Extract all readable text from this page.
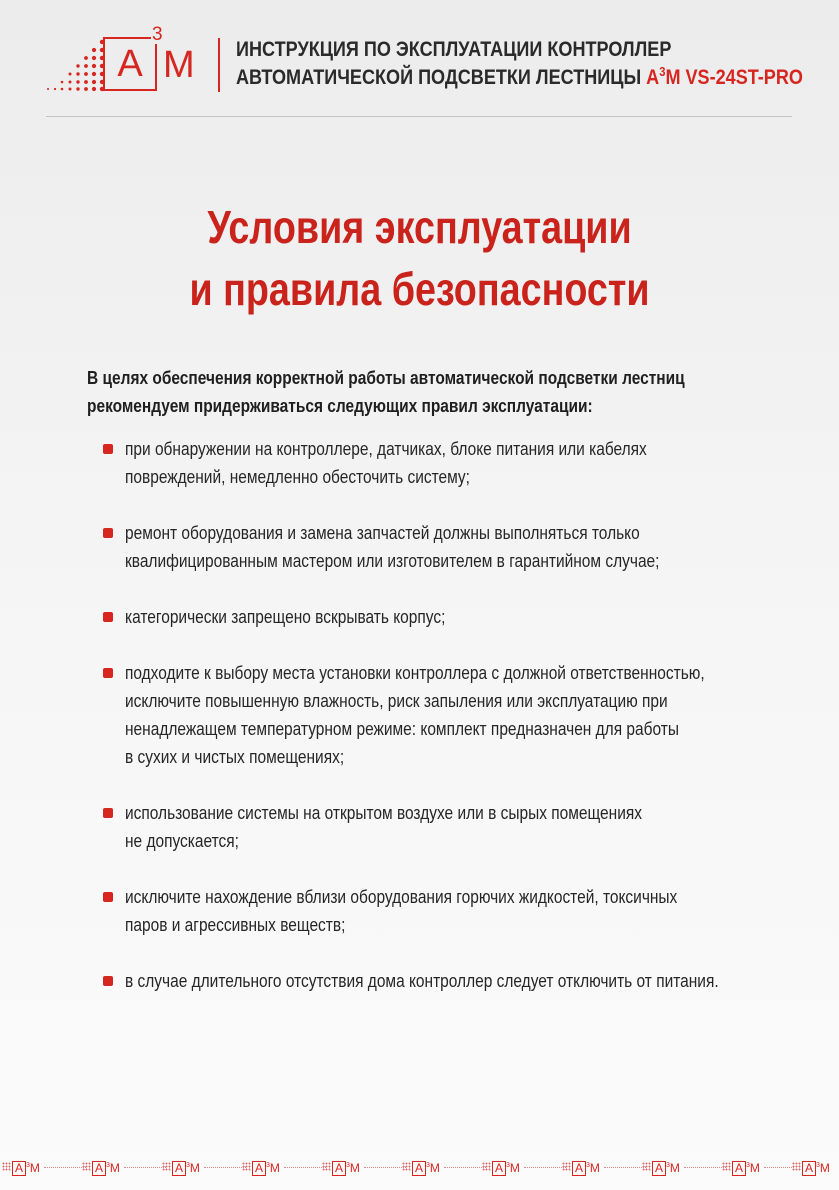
А
3
М ИНСТРУКЦИЯ ПО ЭКСПЛУАТАЦИИ КОНТРОЛЛЕР
АВТОМАТИЧЕСКОЙ ПОДСВЕТКИ ЛЕСТНИЦЫ $А^3М$ VS-24ST-PRO
Условия эксплуатации
и правила безопасности
В целях обеспечения корректной работы автоматической подсветки лестниц
рекомендуем придерживаться следующих правил эксплуатации:
при обнаружении на контроллере, датчиках, блоке питания или кабелях
повреждений, немедленно обесточить систему;
ремонт оборудования и замена запчастей должны выполняться только
квалифицированным мастером или изготовителем в гарантийном случае;
категорически запрещено вскрывать корпус;
подходите к выбору места установки контроллера с должной ответственностью,
исключите повышенную влажность, риск запыления или эксплуатацию при
ненадлежащем температурном режиме: комплект предназначен для работы
в сухих и чистых помещениях;
использование системы на открытом воздухе или в сырых помещениях
не допускается;
исключите нахождение вблизи оборудования горючих жидкостей, токсичных
паров и агрессивных веществ;
в случае длительного отсутствия дома контроллер следует отключить от питания.
А $^3$М	А $^3$М	А $^3$М	А $^3$М	А $^3$М	А $^3$М	А $^3$М	А $^3$М	А $^3$М	А $^3$М	А $^3$М
